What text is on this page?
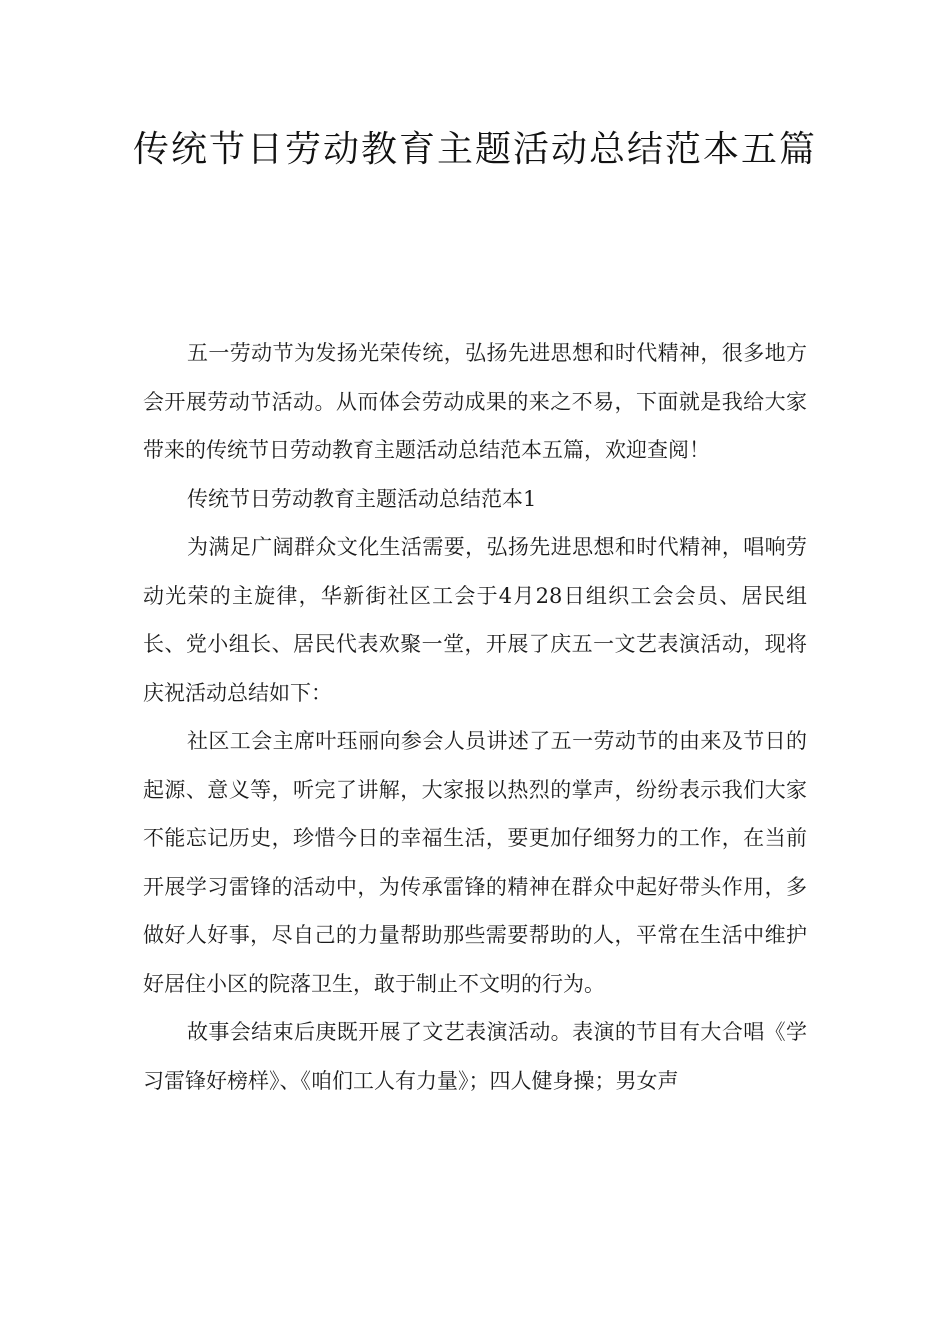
传统节日劳动教育主题活动总结范本五篇

五一劳动节为发扬光荣传统，弘扬先进思想和时代精神，很多地方会开展劳动节活动。从而体会劳动成果的来之不易，下面就是我给大家带来的传统节日劳动教育主题活动总结范本五篇，欢迎查阅！

传统节日劳动教育主题活动总结范本1

为满足广阔群众文化生活需要，弘扬先进思想和时代精神，唱响劳动光荣的主旋律，华新街社区工会于4月28日组织工会会员、居民组长、党小组长、居民代表欢聚一堂，开展了庆五一文艺表演活动，现将庆祝活动总结如下：

社区工会主席叶珏丽向参会人员讲述了五一劳动节的由来及节日的起源、意义等，听完了讲解，大家报以热烈的掌声，纷纷表示我们大家不能忘记历史，珍惜今日的幸福生活，要更加仔细努力的工作，在当前开展学习雷锋的活动中，为传承雷锋的精神在群众中起好带头作用，多做好人好事，尽自己的力量帮助那些需要帮助的人，平常在生活中维护好居住小区的院落卫生，敢于制止不文明的行为。

故事会结束后庚既开展了文艺表演活动。表演的节目有大合唱《学习雷锋好榜样》、《咱们工人有力量》；四人健身操；男女声
